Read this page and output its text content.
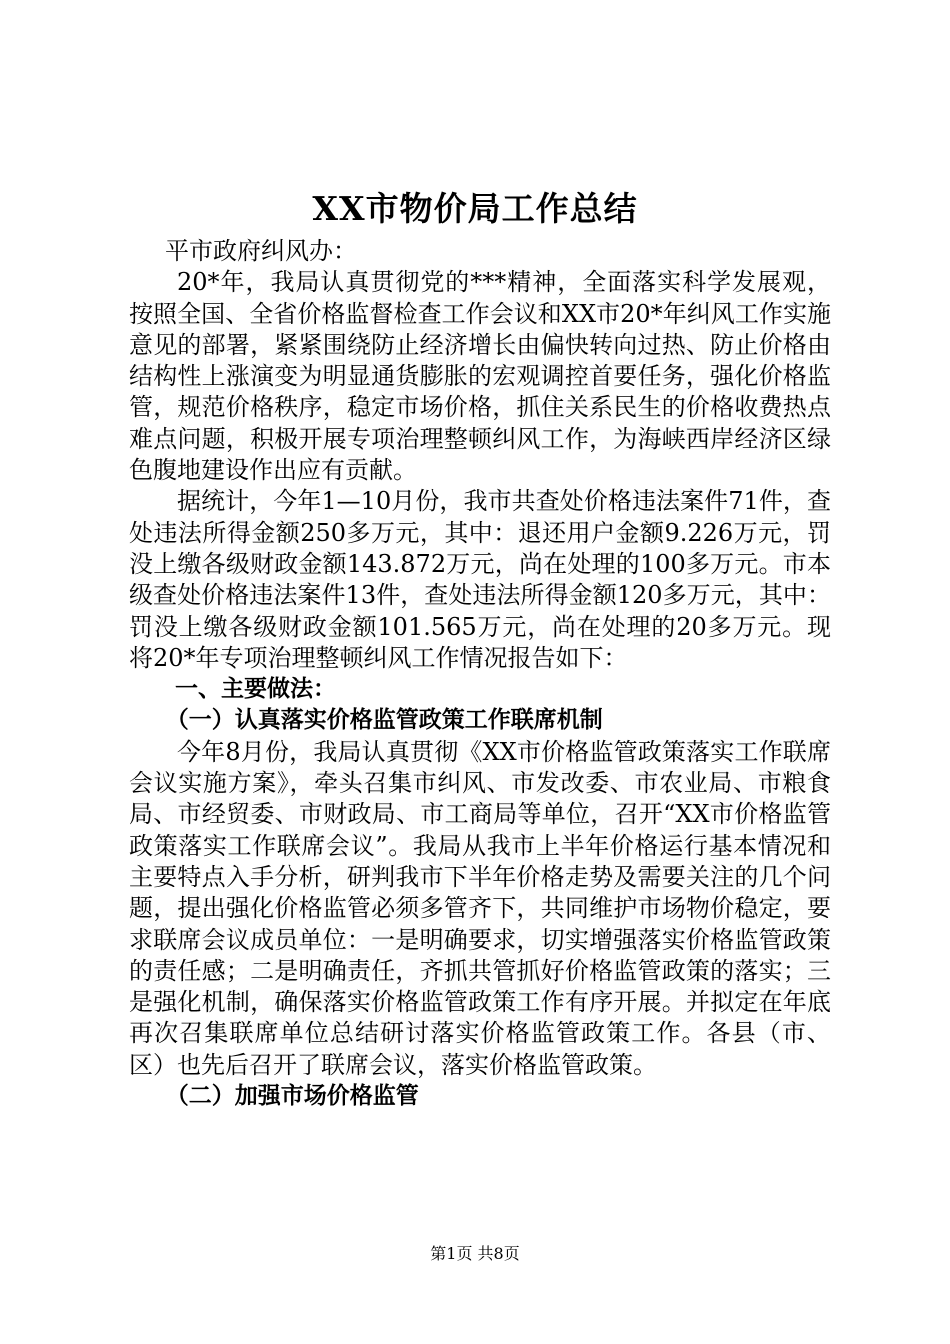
XX市物价局工作总结

平市政府纠风办：

20*年，我局认真贯彻党的***精神，全面落实科学发展观，按照全国、全省价格监督检查工作会议和XX市20*年纠风工作实施意见的部署，紧紧围绕防止经济增长由偏快转向过热、防止价格由结构性上涨演变为明显通货膨胀的宏观调控首要任务，强化价格监管，规范价格秩序，稳定市场价格，抓住关系民生的价格收费热点难点问题，积极开展专项治理整顿纠风工作，为海峡西岸经济区绿色腹地建设作出应有贡献。

据统计，今年1—10月份，我市共查处价格违法案件71件，查处违法所得金额250多万元，其中：退还用户金额9.226万元，罚没上缴各级财政金额143.872万元，尚在处理的100多万元。市本级查处价格违法案件13件，查处违法所得金额120多万元，其中：罚没上缴各级财政金额101.565万元，尚在处理的20多万元。现将20*年专项治理整顿纠风工作情况报告如下：

一、主要做法：

（一）认真落实价格监管政策工作联席机制

今年8月份，我局认真贯彻《XX市价格监管政策落实工作联席会议实施方案》，牵头召集市纠风、市发改委、市农业局、市粮食局、市经贸委、市财政局、市工商局等单位，召开“XX市价格监管政策落实工作联席会议”。我局从我市上半年价格运行基本情况和主要特点入手分析，研判我市下半年价格走势及需要关注的几个问题，提出强化价格监管必须多管齐下，共同维护市场物价稳定，要求联席会议成员单位：一是明确要求，切实增强落实价格监管政策的责任感；二是明确责任，齐抓共管抓好价格监管政策的落实；三是强化机制，确保落实价格监管政策工作有序开展。并拟定在年底再次召集联席单位总结研讨落实价格监管政策工作。各县（市、区）也先后召开了联席会议，落实价格监管政策。

（二）加强市场价格监管

第1页 共8页
